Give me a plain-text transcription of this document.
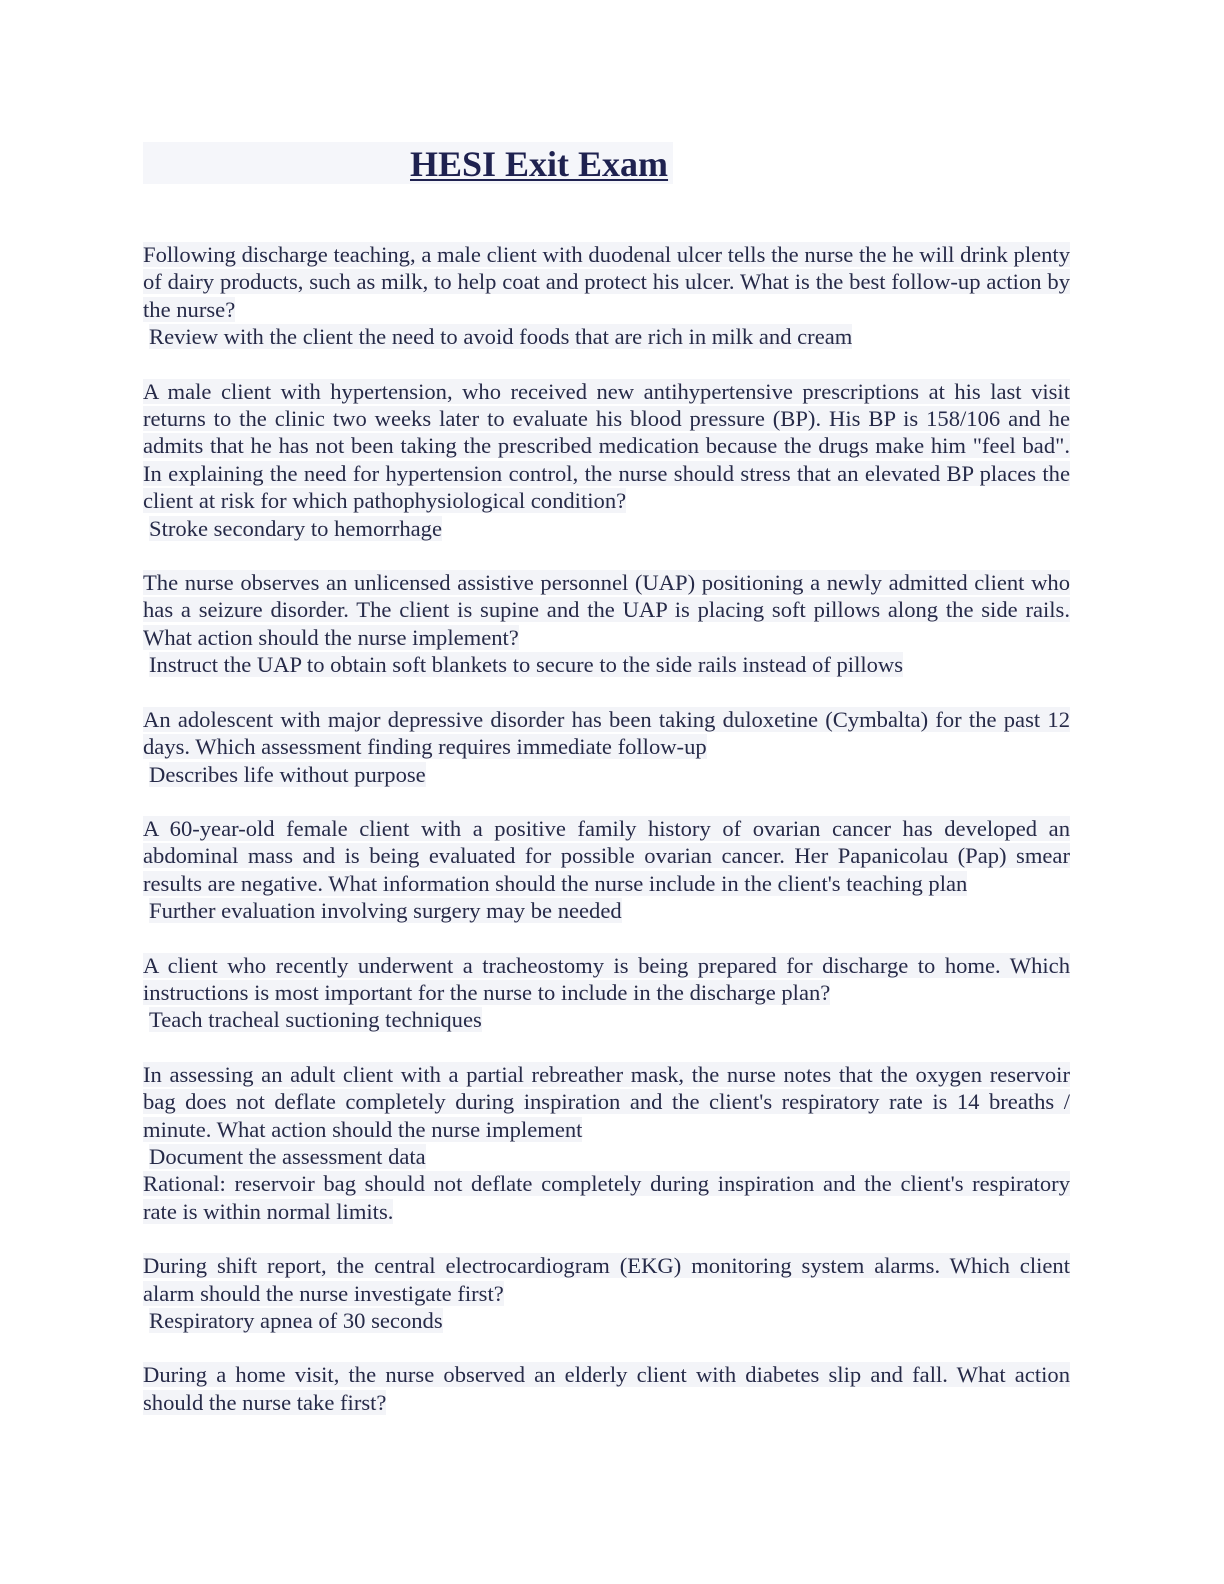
HESI Exit Exam

Following discharge teaching, a male client with duodenal ulcer tells the nurse the he will drink plenty of dairy products, such as milk, to help coat and protect his ulcer. What is the best follow-up action by the nurse?

Review with the client the need to avoid foods that are rich in milk and cream

A male client with hypertension, who received new antihypertensive prescriptions at his last visit returns to the clinic two weeks later to evaluate his blood pressure (BP). His BP is 158/106 and he admits that he has not been taking the prescribed medication because the drugs make him "feel bad". In explaining the need for hypertension control, the nurse should stress that an elevated BP places the client at risk for which pathophysiological condition?

Stroke secondary to hemorrhage

The nurse observes an unlicensed assistive personnel (UAP) positioning a newly admitted client who has a seizure disorder. The client is supine and the UAP is placing soft pillows along the side rails. What action should the nurse implement?

Instruct the UAP to obtain soft blankets to secure to the side rails instead of pillows

An adolescent with major depressive disorder has been taking duloxetine (Cymbalta) for the past 12 days. Which assessment finding requires immediate follow-up

Describes life without purpose

A 60-year-old female client with a positive family history of ovarian cancer has developed an abdominal mass and is being evaluated for possible ovarian cancer. Her Papanicolau (Pap) smear results are negative. What information should the nurse include in the client's teaching plan

Further evaluation involving surgery may be needed

A client who recently underwent a tracheostomy is being prepared for discharge to home. Which instructions is most important for the nurse to include in the discharge plan?

Teach tracheal suctioning techniques

In assessing an adult client with a partial rebreather mask, the nurse notes that the oxygen reservoir bag does not deflate completely during inspiration and the client's respiratory rate is 14 breaths / minute. What action should the nurse implement

Document the assessment data

Rational: reservoir bag should not deflate completely during inspiration and the client's respiratory rate is within normal limits.

During shift report, the central electrocardiogram (EKG) monitoring system alarms. Which client alarm should the nurse investigate first?

Respiratory apnea of 30 seconds

During a home visit, the nurse observed an elderly client with diabetes slip and fall. What action should the nurse take first?
